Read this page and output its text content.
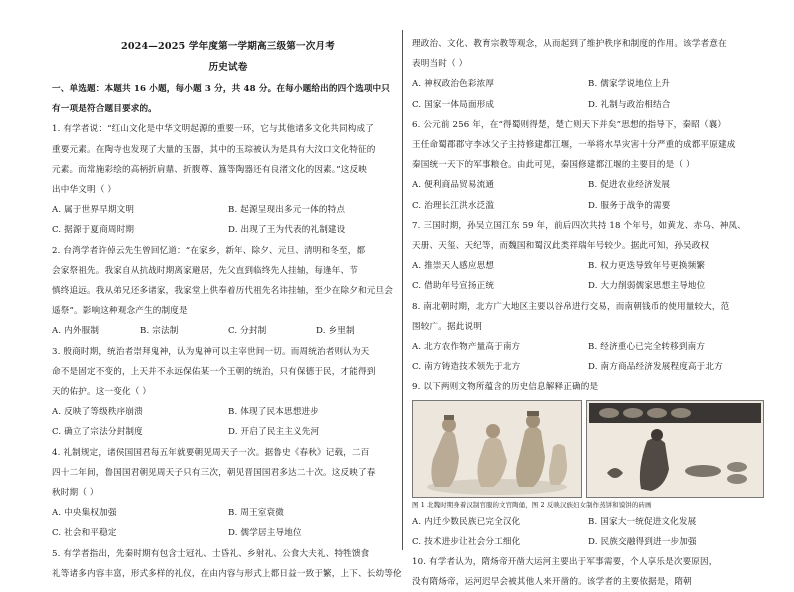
2024—2025 学年度第一学期高三级第一次月考
历史试卷

一、单选题：本题共 16 小题，每小题 3 分，共 48 分。在每小题给出的四个选项中只

有一项是符合题目要求的。

1. 有学者说：“红山文化是中华文明起源的重要一环，它与其他诸多文化共同构成了

重要元素。在陶寺也发现了大量的玉器，其中的玉琮被认为是具有大汶口文化特征的

元素。而常施彩绘的高柄折肩鼎、折腹尊、簋等陶器还有良渚文化的因素。”这反映

出中华文明（ ）

A. 属于世界早期文明	B. 起源呈现出多元一体的特点
C. 据源于夏商周时期	D. 出现了王为代表的礼制建设

2. 台湾学者许倬云先生曾回忆道：“在家乡，新年、除夕、元旦、清明和冬至，都

会家祭祖先。我家自从抗战时期离家避居，先父直到临终先人挂轴，每逢年、节

慎终追远。我从弟兄还多诸家，我家堂上供奉着历代祖先名讳挂轴，至少在除夕和元旦会

遥祭”。影响这种观念产生的制度是

A. 内外服制	B. 宗法制	C. 分封制	D. 乡里制

3. 殷商时期，统治者崇拜鬼神，认为鬼神可以主宰世间一切。而周统治者则认为天

命不是固定不变的，上天并不永远保佑某一个王朝的统治，只有保德于民，才能得到

天的佑护。这一变化（ ）

A. 反映了等级秩序崩溃	B. 体现了民本思想进步
C. 确立了宗法分封制度	D. 开启了民主主义先河

4. 礼制规定，诸侯国国君每五年就要朝见周天子一次。据鲁史《春秋》记载，二百

四十二年间，鲁国国君朝见周天子只有三次，朝见晋国国君多达二十次。这反映了春

秋时期（ ）

A. 中央集权加强	B. 周王室衰微
C. 社会和平稳定	D. 儒学居主导地位

5. 有学者指出，先秦时期有包含士冠礼、士昏礼、乡射礼、公食大夫礼、特牲馈食

礼等诸多内容丰富，形式多样的礼仪，在由内容与形式上都日益一致于繁，上下、长幼等伦

理政治、文化、教育宗教等观念，从而起到了维护秩序和制度的作用。该学者意在

表明当时（ ）

A. 神权政治色彩浓厚	B. 儒家学说地位上升
C. 国家一体局面形成	D. 礼制与政治相结合

6. 公元前 256 年，在“得蜀则得楚，楚亡则天下并矣”思想的指导下，秦昭（襄）

王任命蜀郡郡守李冰父子主持修建都江堰，一举将水旱灾害十分严重的成都平原建成

秦国统一天下的军事粮仓。由此可见，秦国修建都江堰的主要目的是（ ）

A. 便利商品贸易流通	B. 促进农业经济发展
C. 治理长江洪水泛滥	D. 服务于战争的需要

7. 三国时期，孙吴立国江东 59 年，前后四次共持 18 个年号，如黄龙、赤乌、神凤、

天册、天玺、天纪等，而魏国和蜀汉此类祥瑞年号较少。据此可知，孙吴政权

A. 推崇天人感应思想	B. 权力更迭导致年号更换频繁
C. 借助年号宣扬正统	D. 大力削弱儒家思想主导地位

8. 南北朝时期，北方广大地区主要以谷帛进行交易，而南朝钱币的使用量较大，范

围较广。据此说明

A. 北方农作物产量高于南方	B. 经济重心已完全转移到南方
C. 南方铸造技术领先于北方	D. 南方商品经济发展程度高于北方

9. 以下两则文物所蕴含的历史信息解释正确的是

图 1 北魏时期身着汉制官服的文官陶俑，图 2 反映汉族妇女制作蒸饼和馍饼的砖画
A. 内迁少数民族已完全汉化	B. 国家大一统促进文化发展
C. 技术进步让社会分工细化	D. 民族交融得到进一步加强

10. 有学者认为，隋炀帝开凿大运河主要出于军事需要，个人享乐是次要原因，

没有隋炀帝，运河迟早会被其他人来开凿的。该学者的主要依据是，隋朝
